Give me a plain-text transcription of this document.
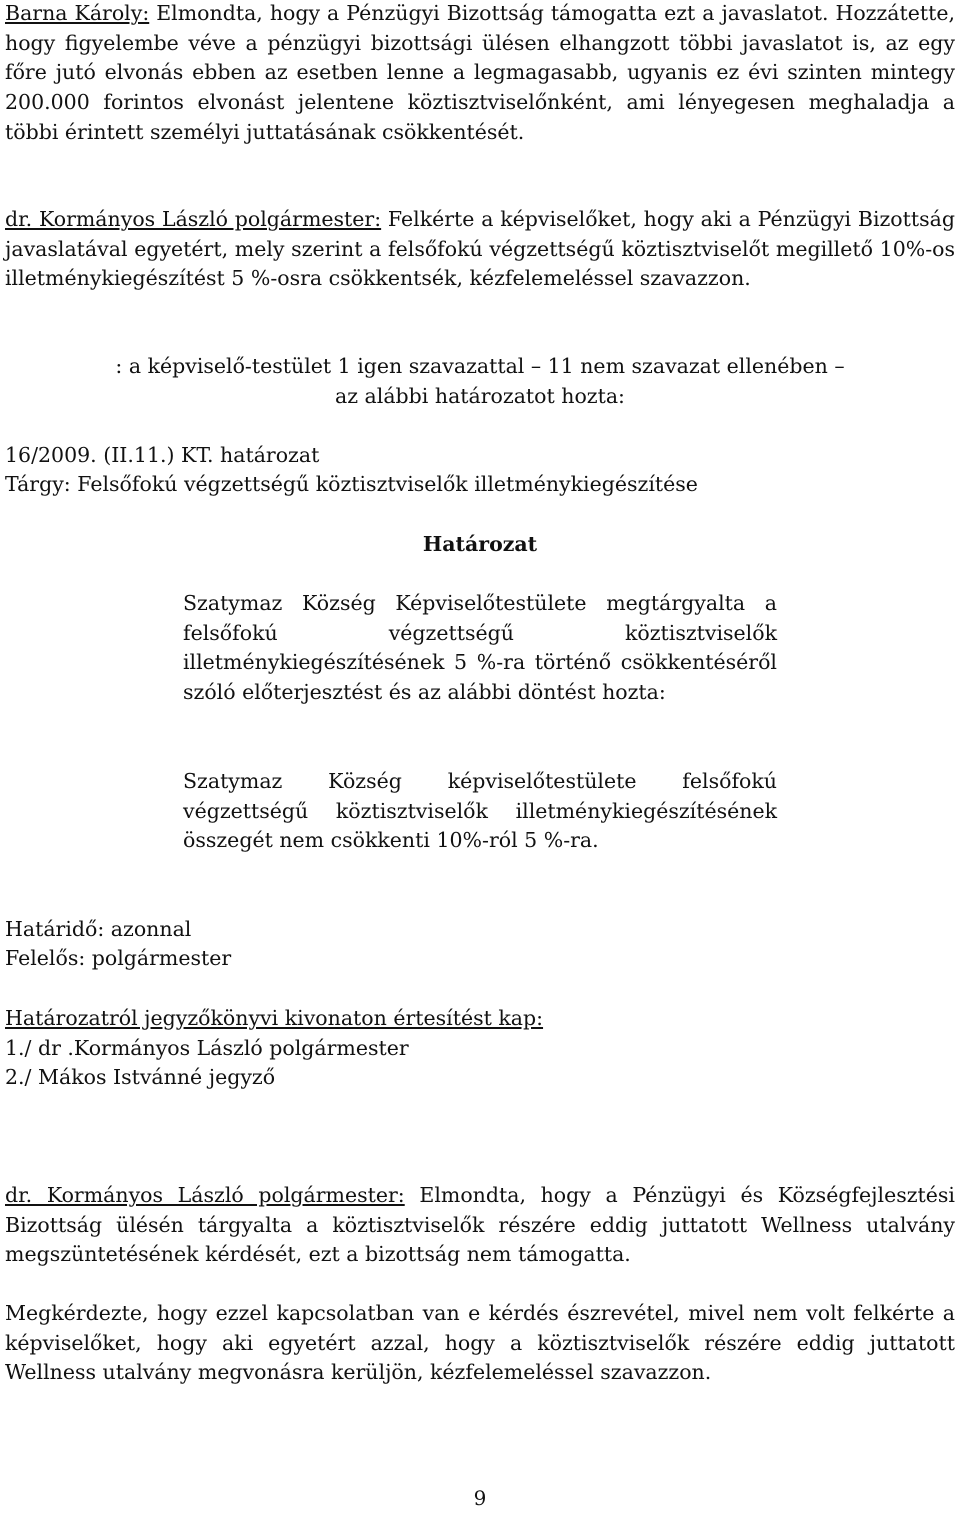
Barna Károly: Elmondta, hogy a Pénzügyi Bizottság támogatta ezt a javaslatot. Hozzátette, hogy figyelembe véve a pénzügyi bizottsági ülésen elhangzott többi javaslatot is, az egy főre jutó elvonás ebben az esetben lenne a legmagasabb, ugyanis ez évi szinten mintegy 200.000 forintos elvonást jelentene köztisztviselőnként, ami lényegesen meghaladja a többi érintett személyi juttatásának csökkentését.

dr. Kormányos László polgármester: Felkérte a képviselőket, hogy aki a Pénzügyi Bizottság javaslatával egyetért, mely szerint a felsőfokú végzettségű köztisztviselőt megillető 10%-os illetménykiegészítést 5 %-osra csökkentsék, kézfelemeléssel szavazzon.

: a képviselő-testület 1 igen szavazattal – 11 nem szavazat ellenében –

az alábbi határozatot hozta:

16/2009. (II.11.) KT. határozat

Tárgy: Felsőfokú végzettségű köztisztviselők illetménykiegészítése

Határozat

Szatymaz Község Képviselőtestülete megtárgyalta a felsőfokú végzettségű köztisztviselők illetménykiegészítésének 5 %-ra történő csökkentéséről szóló előterjesztést és az alábbi döntést hozta:

Szatymaz Község képviselőtestülete felsőfokú végzettségű köztisztviselők illetménykiegészítésének összegét nem csökkenti 10%-ról 5 %-ra.

Határidő: azonnal

Felelős: polgármester

Határozatról jegyzőkönyvi kivonaton értesítést kap:

1./ dr .Kormányos László polgármester

2./ Mákos Istvánné jegyző

dr. Kormányos László polgármester: Elmondta, hogy a Pénzügyi és Községfejlesztési Bizottság ülésén tárgyalta a köztisztviselők részére eddig juttatott Wellness utalvány megszüntetésének kérdését, ezt a bizottság nem támogatta.

Megkérdezte, hogy ezzel kapcsolatban van e kérdés észrevétel, mivel nem volt felkérte a képviselőket, hogy aki egyetért azzal, hogy a köztisztviselők részére eddig juttatott Wellness utalvány megvonásra kerüljön, kézfelemeléssel szavazzon.

9
